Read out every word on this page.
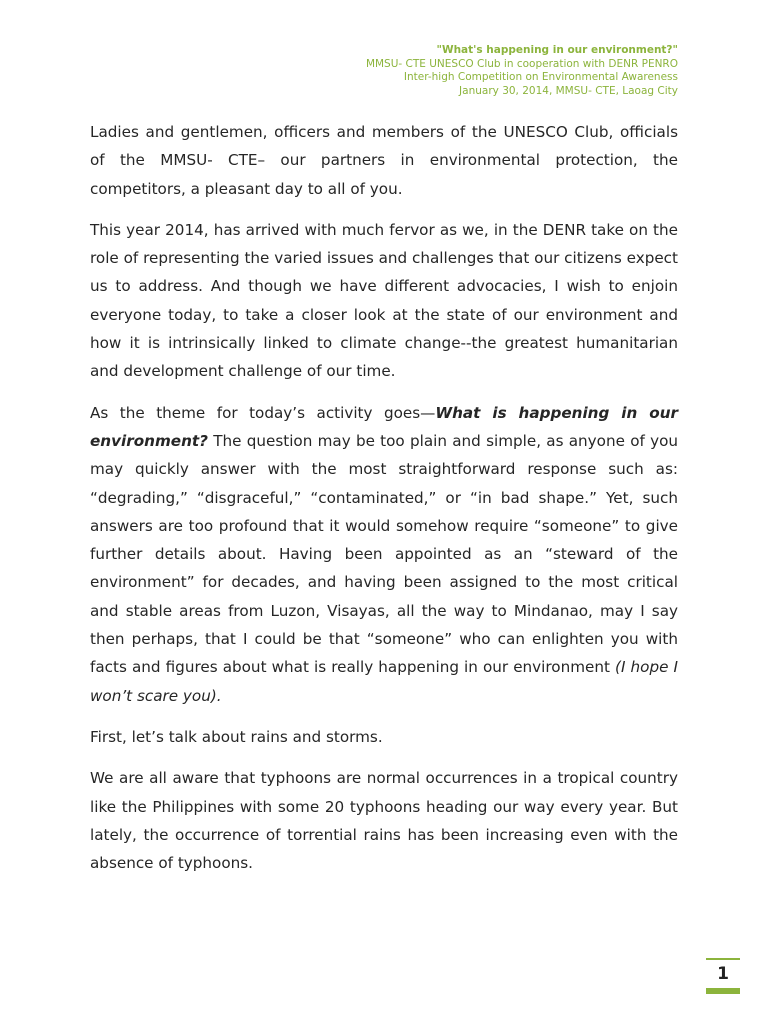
"What's happening in our environment?"
MMSU- CTE UNESCO Club in cooperation with DENR PENRO
Inter-high Competition on Environmental Awareness
January 30, 2014, MMSU- CTE, Laoag City

Ladies and gentlemen, officers and members of the UNESCO Club, officials of the MMSU- CTE– our partners in environmental protection, the competitors, a pleasant day to all of you.

This year 2014, has arrived with much fervor as we, in the DENR take on the role of representing the varied issues and challenges that our citizens expect us to address. And though we have different advocacies, I wish to enjoin everyone today, to take a closer look at the state of our environment and how it is intrinsically linked to climate change--the greatest humanitarian and development challenge of our time.

As the theme for today’s activity goes—What is happening in our environment? The question may be too plain and simple, as anyone of you may quickly answer with the most straightforward response such as: “degrading,” “disgraceful,” “contaminated,” or “in bad shape.” Yet, such answers are too profound that it would somehow require “someone” to give further details about. Having been appointed as an “steward of the environment” for decades, and having been assigned to the most critical and stable areas from Luzon, Visayas, all the way to Mindanao, may I say then perhaps, that I could be that “someone” who can enlighten you with facts and figures about what is really happening in our environment (I hope I won’t scare you).

First, let’s talk about rains and storms.

We are all aware that typhoons are normal occurrences in a tropical country like the Philippines with some 20 typhoons heading our way every year. But lately, the occurrence of torrential rains has been increasing even with the absence of typhoons.

1
